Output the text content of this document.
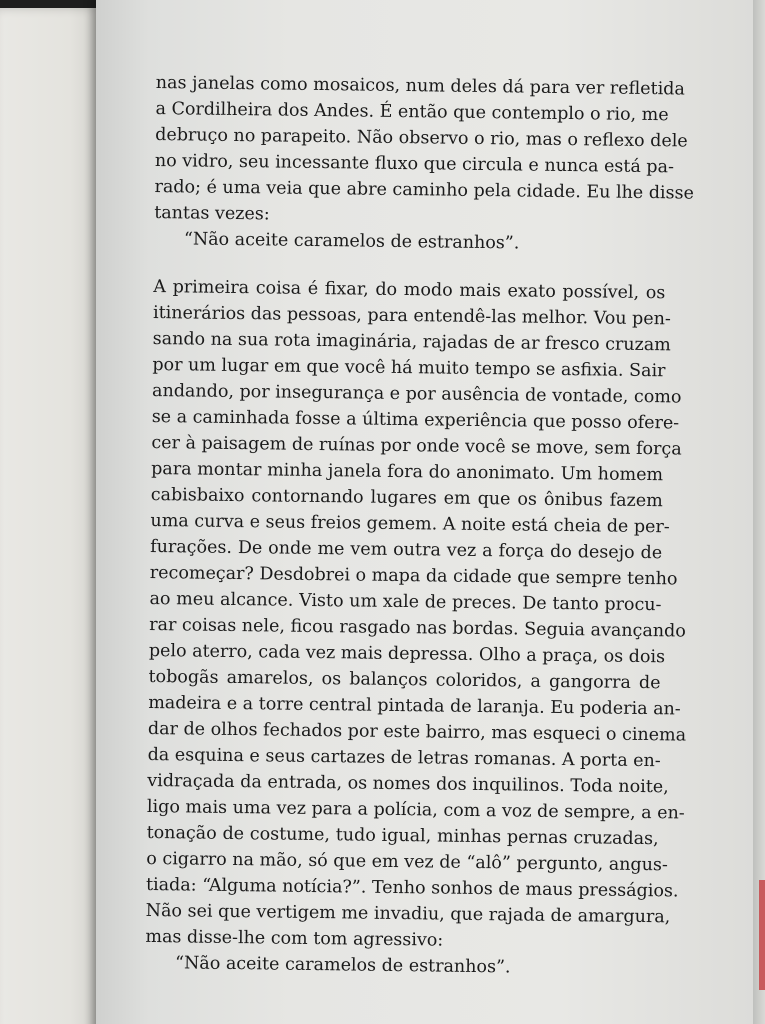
nas janelas como mosaicos, num deles dá para ver refletida
a Cordilheira dos Andes. É então que contemplo o rio, me
debruço no parapeito. Não observo o rio, mas o reflexo dele
no vidro, seu incessante fluxo que circula e nunca está pa-
rado; é uma veia que abre caminho pela cidade. Eu lhe disse
tantas vezes:
“Não aceite caramelos de estranhos”.
A primeira coisa é fixar, do modo mais exato possível, os
itinerários das pessoas, para entendê-las melhor. Vou pen-
sando na sua rota imaginária, rajadas de ar fresco cruzam
por um lugar em que você há muito tempo se asfixia. Sair
andando, por insegurança e por ausência de vontade, como
se a caminhada fosse a última experiência que posso ofere-
cer à paisagem de ruínas por onde você se move, sem força
para montar minha janela fora do anonimato. Um homem
cabisbaixo contornando lugares em que os ônibus fazem
uma curva e seus freios gemem. A noite está cheia de per-
furações. De onde me vem outra vez a força do desejo de
recomeçar? Desdobrei o mapa da cidade que sempre tenho
ao meu alcance. Visto um xale de preces. De tanto procu-
rar coisas nele, ficou rasgado nas bordas. Seguia avançando
pelo aterro, cada vez mais depressa. Olho a praça, os dois
tobogãs amarelos, os balanços coloridos, a gangorra de
madeira e a torre central pintada de laranja. Eu poderia an-
dar de olhos fechados por este bairro, mas esqueci o cinema
da esquina e seus cartazes de letras romanas. A porta en-
vidraçada da entrada, os nomes dos inquilinos. Toda noite,
ligo mais uma vez para a polícia, com a voz de sempre, a en-
tonação de costume, tudo igual, minhas pernas cruzadas,
o cigarro na mão, só que em vez de “alô” pergunto, angus-
tiada: “Alguma notícia?”. Tenho sonhos de maus presságios.
Não sei que vertigem me invadiu, que rajada de amargura,
mas disse-lhe com tom agressivo:
“Não aceite caramelos de estranhos”.
